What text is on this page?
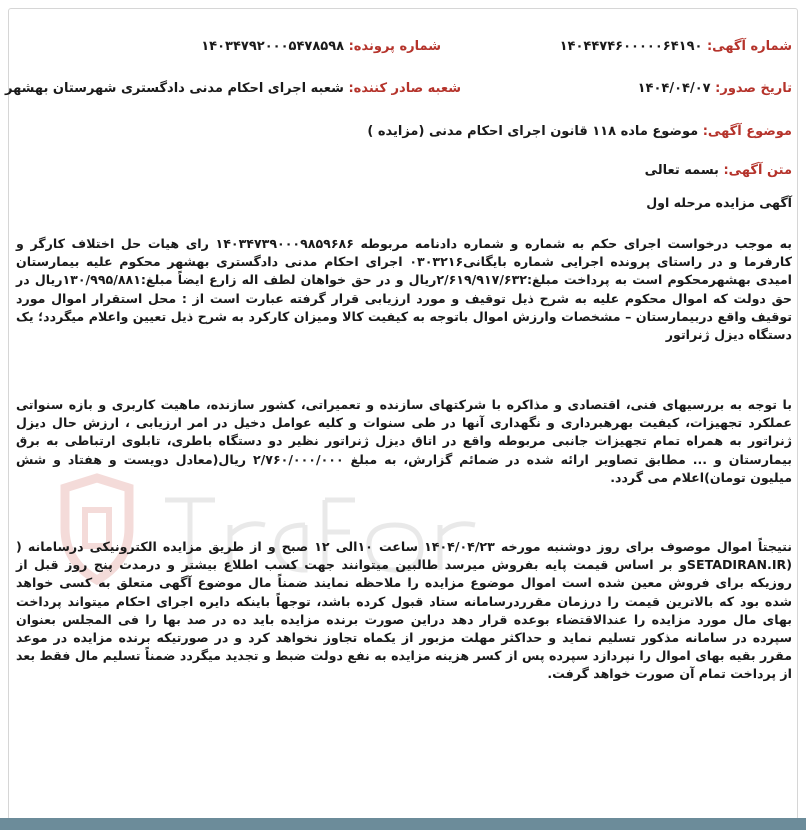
شماره آگهی: ۱۴۰۴۴۷۴۶۰۰۰۰۰۶۴۱۹۰
شماره پرونده: ۱۴۰۳۴۷۹۲۰۰۰۵۴۷۸۵۹۸
تاریخ صدور: ۱۴۰۴/۰۴/۰۷
شعبه صادر کننده: شعبه اجرای احکام مدنی دادگستری شهرستان بهشهر
موضوع آگهی: موضوع ماده ۱۱۸ قانون اجرای احکام مدنی (مزایده )
متن آگهی: بسمه تعالی
آگهی مزایده مرحله اول
به موجب درخواست اجرای حکم به شماره و شماره دادنامه مربوطه ۱۴۰۳۴۷۳۹۰۰۰۹۸۵۹۶۸۶ رای هیات حل اختلاف کارگر و کارفرما و در راستای پرونده اجرایی شماره بایگانی۰۳۰۳۲۱۶ اجرای احکام مدنی دادگستری بهشهر محکوم علیه بیمارستان امیدی بهشهرمحکوم است به پرداخت مبلغ:۲/۶۱۹/۹۱۷/۶۳۲ریال و در حق خواهان لطف اله زارع ایضاً مبلغ:۱۳۰/۹۹۵/۸۸۱ریال در حق دولت که اموال محکوم علیه به شرح ذیل توقیف و مورد ارزیابی قرار گرفته عبارت است از : محل استقرار اموال مورد توقیف واقع دربیمارستان – مشخصات وارزش اموال باتوجه به کیفیت کالا ومیزان کارکرد به شرح ذیل تعیین واعلام میگردد؛ یک دستگاه دیزل ژنراتور
با توجه به بررسیهای فنی، اقتصادی و مذاکره با شرکتهای سازنده و تعمیراتی، کشور سازنده، ماهیت کاربری و بازه سنواتی عملکرد تجهیزات، کیفیت بهرهبرداری و نگهداری آنها در طی سنوات و کلیه عوامل دخیل در امر ارزیابی ، ارزش حال دیزل ژنراتور به همراه تمام تجهیزات جانبی مربوطه واقع در اتاق دیزل ژنراتور نظیر دو دستگاه باطری، تابلوی ارتباطی به برق بیمارستان و ... مطابق تصاویر ارائه شده در ضمائم گزارش، به مبلغ ۲/۷۶۰/۰۰۰/۰۰۰ ریال(معادل دویست و هفتاد و شش میلیون تومان)اعلام می گردد.
نتیجتاً اموال موصوف برای روز دوشنبه مورخه ۱۴۰۴/۰۴/۲۳ ساعت ۱۰الی ۱۲ صبح و از طریق مزایده الکترونیکی درسامانه ( (SETADIRAN.IRو بر اساس قیمت پایه بفروش میرسد طالبین میتوانند جهت کسب اطلاع بیشتر و درمدت پنج روز قبل از روزیکه برای فروش معین شده است اموال موضوع مزایده را ملاحظه نمایند ضمناً مال موضوع آگهی متعلق به کسی خواهد شده بود که بالاترین قیمت را درزمان مقرردرسامانه ستاد قبول کرده باشد، توجهاً باینکه دایره اجرای احکام میتواند پرداخت بهای مال مورد مزایده را عندالاقتضاء بوعده قرار دهد دراین صورت برنده مزایده باید ده در صد بها را فی المجلس بعنوان سپرده در سامانه مذکور تسلیم نماید و حداکثر مهلت مزبور از یکماه تجاوز نخواهد کرد و در صورتیکه برنده مزایده در موعد مقرر بقیه بهای اموال را نپردازد سپرده پس از کسر هزینه مزایده به نفع دولت ضبط و تجدید میگردد ضمناً تسلیم مال فقط بعد از پرداخت تمام آن صورت خواهد گرفت.
